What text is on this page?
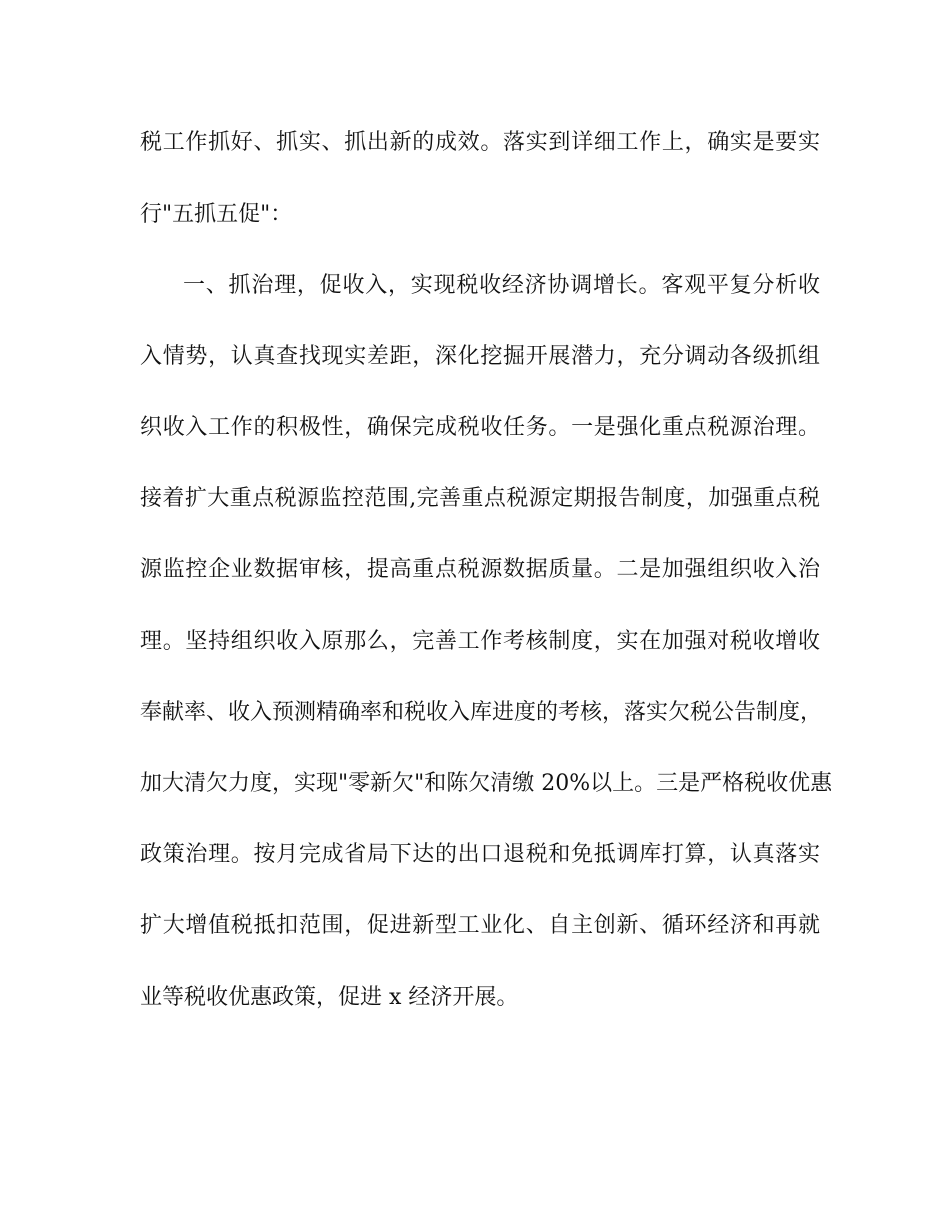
税工作抓好、抓实、抓出新的成效。落实到详细工作上，确实是要实
行"五抓五促"：
一、抓治理，促收入，实现税收经济协调增长。客观平复分析收
入情势，认真查找现实差距，深化挖掘开展潜力，充分调动各级抓组
织收入工作的积极性，确保完成税收任务。一是强化重点税源治理。
接着扩大重点税源监控范围,完善重点税源定期报告制度，加强重点税
源监控企业数据审核，提高重点税源数据质量。二是加强组织收入治
理。坚持组织收入原那么，完善工作考核制度，实在加强对税收增收
奉献率、收入预测精确率和税收入库进度的考核，落实欠税公告制度，
加大清欠力度，实现"零新欠"和陈欠清缴 20%以上。三是严格税收优惠
政策治理。按月完成省局下达的出口退税和免抵调库打算，认真落实
扩大增值税抵扣范围，促进新型工业化、自主创新、循环经济和再就
业等税收优惠政策，促进 x 经济开展。
